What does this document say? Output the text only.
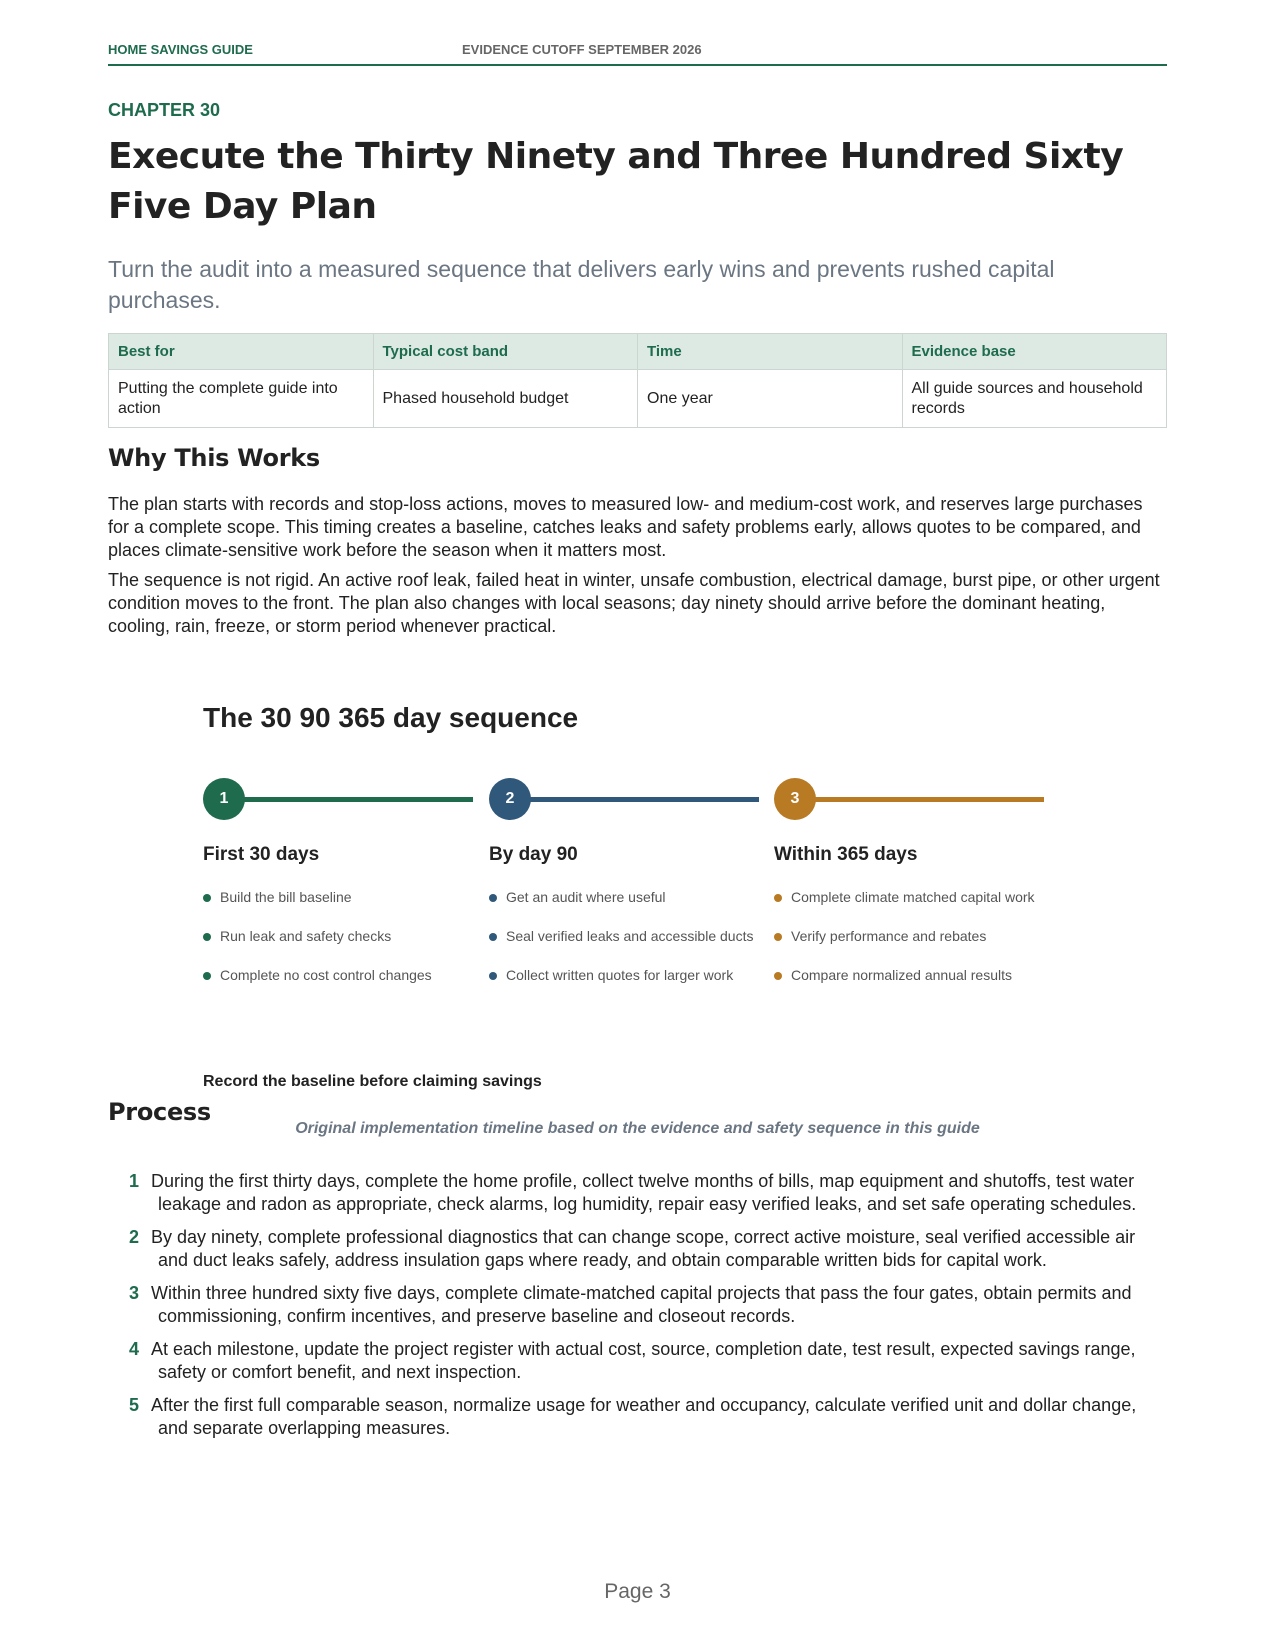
HOME SAVINGS GUIDE	EVIDENCE CUTOFF SEPTEMBER 2026
CHAPTER 30
Execute the Thirty Ninety and Three Hundred Sixty Five Day Plan

Turn the audit into a measured sequence that delivers early wins and prevents rushed capital purchases.

Best for	Typical cost band	Time	Evidence base
Putting the complete guide into action	Phased household budget	One year	All guide sources and household records
Why This Works

The plan starts with records and stop-loss actions, moves to measured low- and medium-cost work, and reserves large purchases for a complete scope. This timing creates a baseline, catches leaks and safety problems early, allows quotes to be compared, and places climate-sensitive work before the season when it matters most.

The sequence is not rigid. An active roof leak, failed heat in winter, unsafe combustion, electrical damage, burst pipe, or other urgent condition moves to the front. The plan also changes with local seasons; day ninety should arrive before the dominant heating, cooling, rain, freeze, or storm period whenever practical.

The 30 90 365 day sequence
1
First 30 days
Build the bill baseline
Run leak and safety checks
Complete no cost control changes
2
By day 90
Get an audit where useful
Seal verified leaks and accessible ducts
Collect written quotes for larger work
3
Within 365 days
Complete climate matched capital work
Verify performance and rebates
Compare normalized annual results

Record the baseline before claiming savings

Original implementation timeline based on the evidence and safety sequence in this guide

Process
1 During the first thirty days, complete the home profile, collect twelve months of bills, map equipment and shutoffs, test water leakage and radon as appropriate, check alarms, log humidity, repair easy verified leaks, and set safe operating schedules.
2 By day ninety, complete professional diagnostics that can change scope, correct active moisture, seal verified accessible air and duct leaks safely, address insulation gaps where ready, and obtain comparable written bids for capital work.
3 Within three hundred sixty five days, complete climate-matched capital projects that pass the four gates, obtain permits and commissioning, confirm incentives, and preserve baseline and closeout records.
4 At each milestone, update the project register with actual cost, source, completion date, test result, expected savings range, safety or comfort benefit, and next inspection.
5 After the first full comparable season, normalize usage for weather and occupancy, calculate verified unit and dollar change, and separate overlapping measures.
Page 3
